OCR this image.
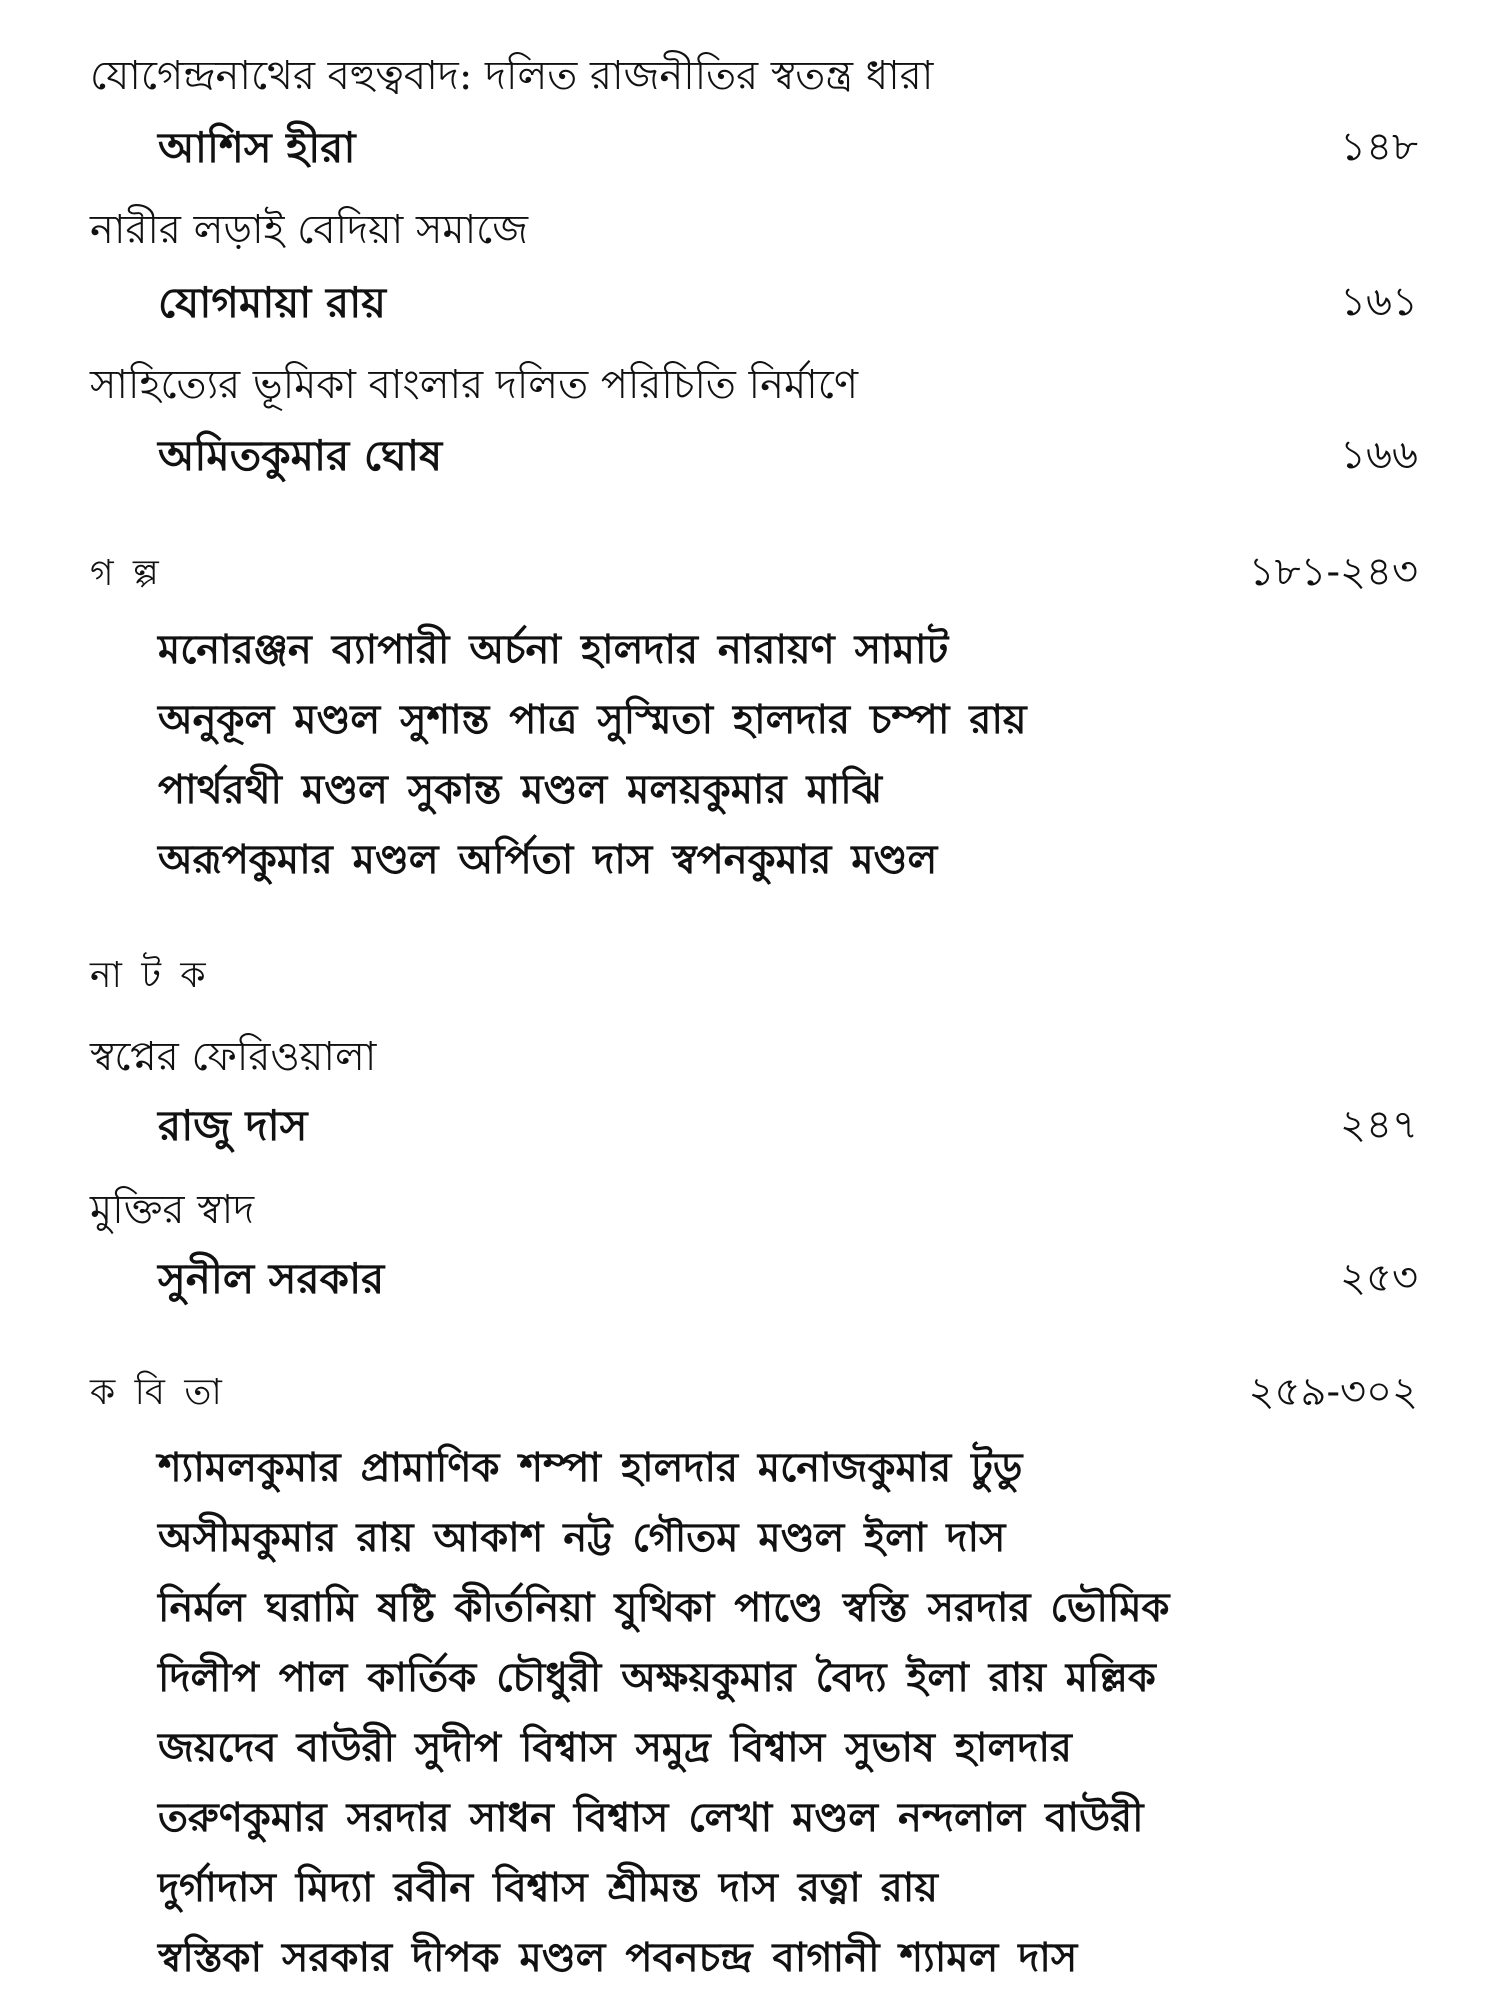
যোগেন্দ্রনাথের বহুত্ববাদ: দলিত রাজনীতির স্বতন্ত্র ধারা
আশিস হীরা	১৪৮
নারীর লড়াই বেদিয়া সমাজে
যোগমায়া রায়	১৬১
সাহিত্যের ভূমিকা বাংলার দলিত পরিচিতি নির্মাণে
অমিতকুমার ঘোষ	১৬৬
গ ল্প	১৮১-২৪৩
মনোরঞ্জন ব্যাপারী অর্চনা হালদার নারায়ণ সামাট
অনুকূল মণ্ডল সুশান্ত পাত্র সুস্মিতা হালদার চম্পা রায়
পার্থরথী মণ্ডল সুকান্ত মণ্ডল মলয়কুমার মাঝি
অরূপকুমার মণ্ডল অর্পিতা দাস স্বপনকুমার মণ্ডল
না ট ক
স্বপ্নের ফেরিওয়ালা
রাজু দাস	২৪৭
মুক্তির স্বাদ
সুনীল সরকার	২৫৩
ক বি তা	২৫৯-৩০২
শ্যামলকুমার প্রামাণিক শম্পা হালদার মনোজকুমার টুডু
অসীমকুমার রায় আকাশ নট্ট গৌতম মণ্ডল ইলা দাস
নির্মল ঘরামি ষষ্টি কীর্তনিয়া যুথিকা পাণ্ডে স্বস্তি সরদার ভৌমিক
দিলীপ পাল কার্তিক চৌধুরী অক্ষয়কুমার বৈদ্য ইলা রায় মল্লিক
জয়দেব বাউরী সুদীপ বিশ্বাস সমুদ্র বিশ্বাস সুভাষ হালদার
তরুণকুমার সরদার সাধন বিশ্বাস লেখা মণ্ডল নন্দলাল বাউরী
দুর্গাদাস মিদ্যা রবীন বিশ্বাস শ্রীমন্ত দাস রত্না রায়
স্বস্তিকা সরকার দীপক মণ্ডল পবনচন্দ্র বাগানী শ্যামল দাস
